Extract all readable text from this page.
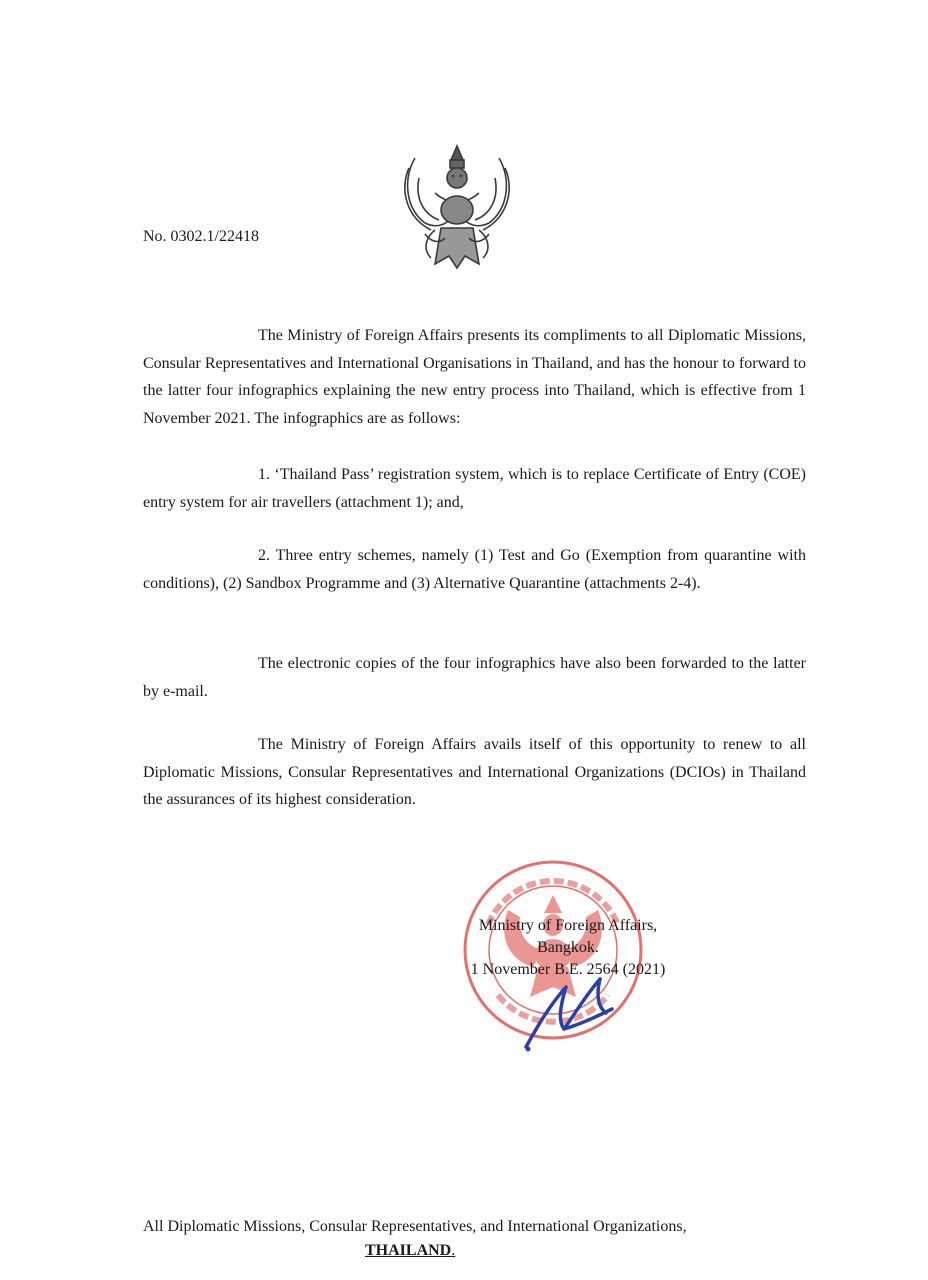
No. 0302.1/22418

The Ministry of Foreign Affairs presents its compliments to all Diplomatic Missions, Consular Representatives and International Organisations in Thailand, and has the honour to forward to the latter four infographics explaining the new entry process into Thailand, which is effective from 1 November 2021. The infographics are as follows:

1. ‘Thailand Pass’ registration system, which is to replace Certificate of Entry (COE) entry system for air travellers (attachment 1); and,

2. Three entry schemes, namely (1) Test and Go (Exemption from quarantine with conditions), (2) Sandbox Programme and (3) Alternative Quarantine (attachments 2-4).

The electronic copies of the four infographics have also been forwarded to the latter by e-mail.

The Ministry of Foreign Affairs avails itself of this opportunity to renew to all Diplomatic Missions, Consular Representatives and International Organizations (DCIOs) in Thailand the assurances of its highest consideration.

Ministry of Foreign Affairs,
Bangkok.
1 November B.E. 2564 (2021)
All Diplomatic Missions, Consular Representatives, and International Organizations,
THAILAND.
